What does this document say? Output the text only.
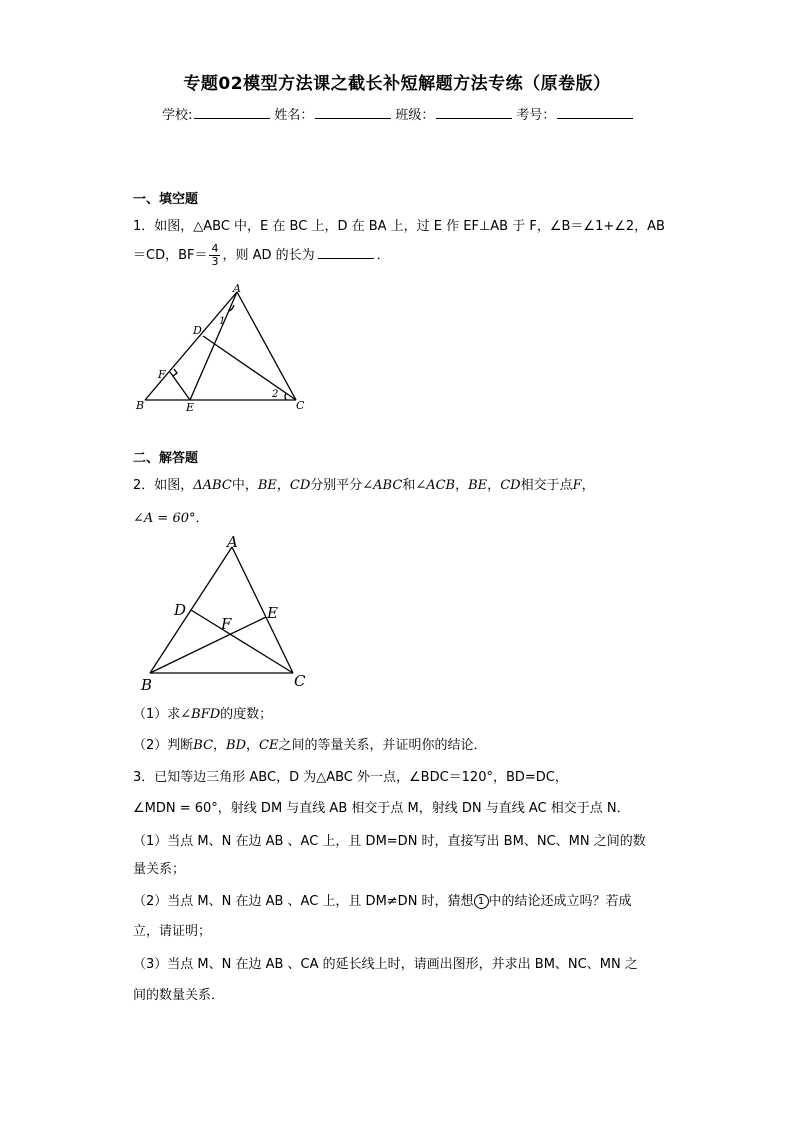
专题02模型方法课之截长补短解题方法专练（原卷版）
学校:	姓名：	班级：	考号：
一、填空题
1．如图，△ABC 中，E 在 BC 上，D 在 BA 上，过 E 作 EF⊥AB 于 F，∠B＝∠1+∠2，AB
＝CD，$BF= \frac{4}{3}$ ，则 AD 的长为	．
A
D
1
F
B	E
2
C
二、解答题
2．如图，ΔABC中，BE，CD分别平分∠ABC和∠ACB，BE，CD相交于点F，
∠A = 60°．
A
D	E
F
B	C
（1）求∠BFD的度数；
（2）判断BC，BD，CE之间的等量关系，并证明你的结论．
3．已知等边三角形 ABC，D 为△ABC 外一点，∠BDC＝120°，BD=DC，
∠MDN = 60°，射线 DM 与直线 AB 相交于点 M，射线 DN 与直线 AC 相交于点 N．
（1）当点 M、N 在边 AB 、AC 上，且 DM=DN 时，直接写出 BM、NC、MN 之间的数
量关系；
（2）当点 M、N 在边 AB 、AC 上，且 DM≠DN 时，猜想 1 中的结论还成立吗？若成
立，请证明；
（3）当点 M、N 在边 AB 、CA 的延长线上时，请画出图形，并求出 BM、NC、MN 之
间的数量关系．
